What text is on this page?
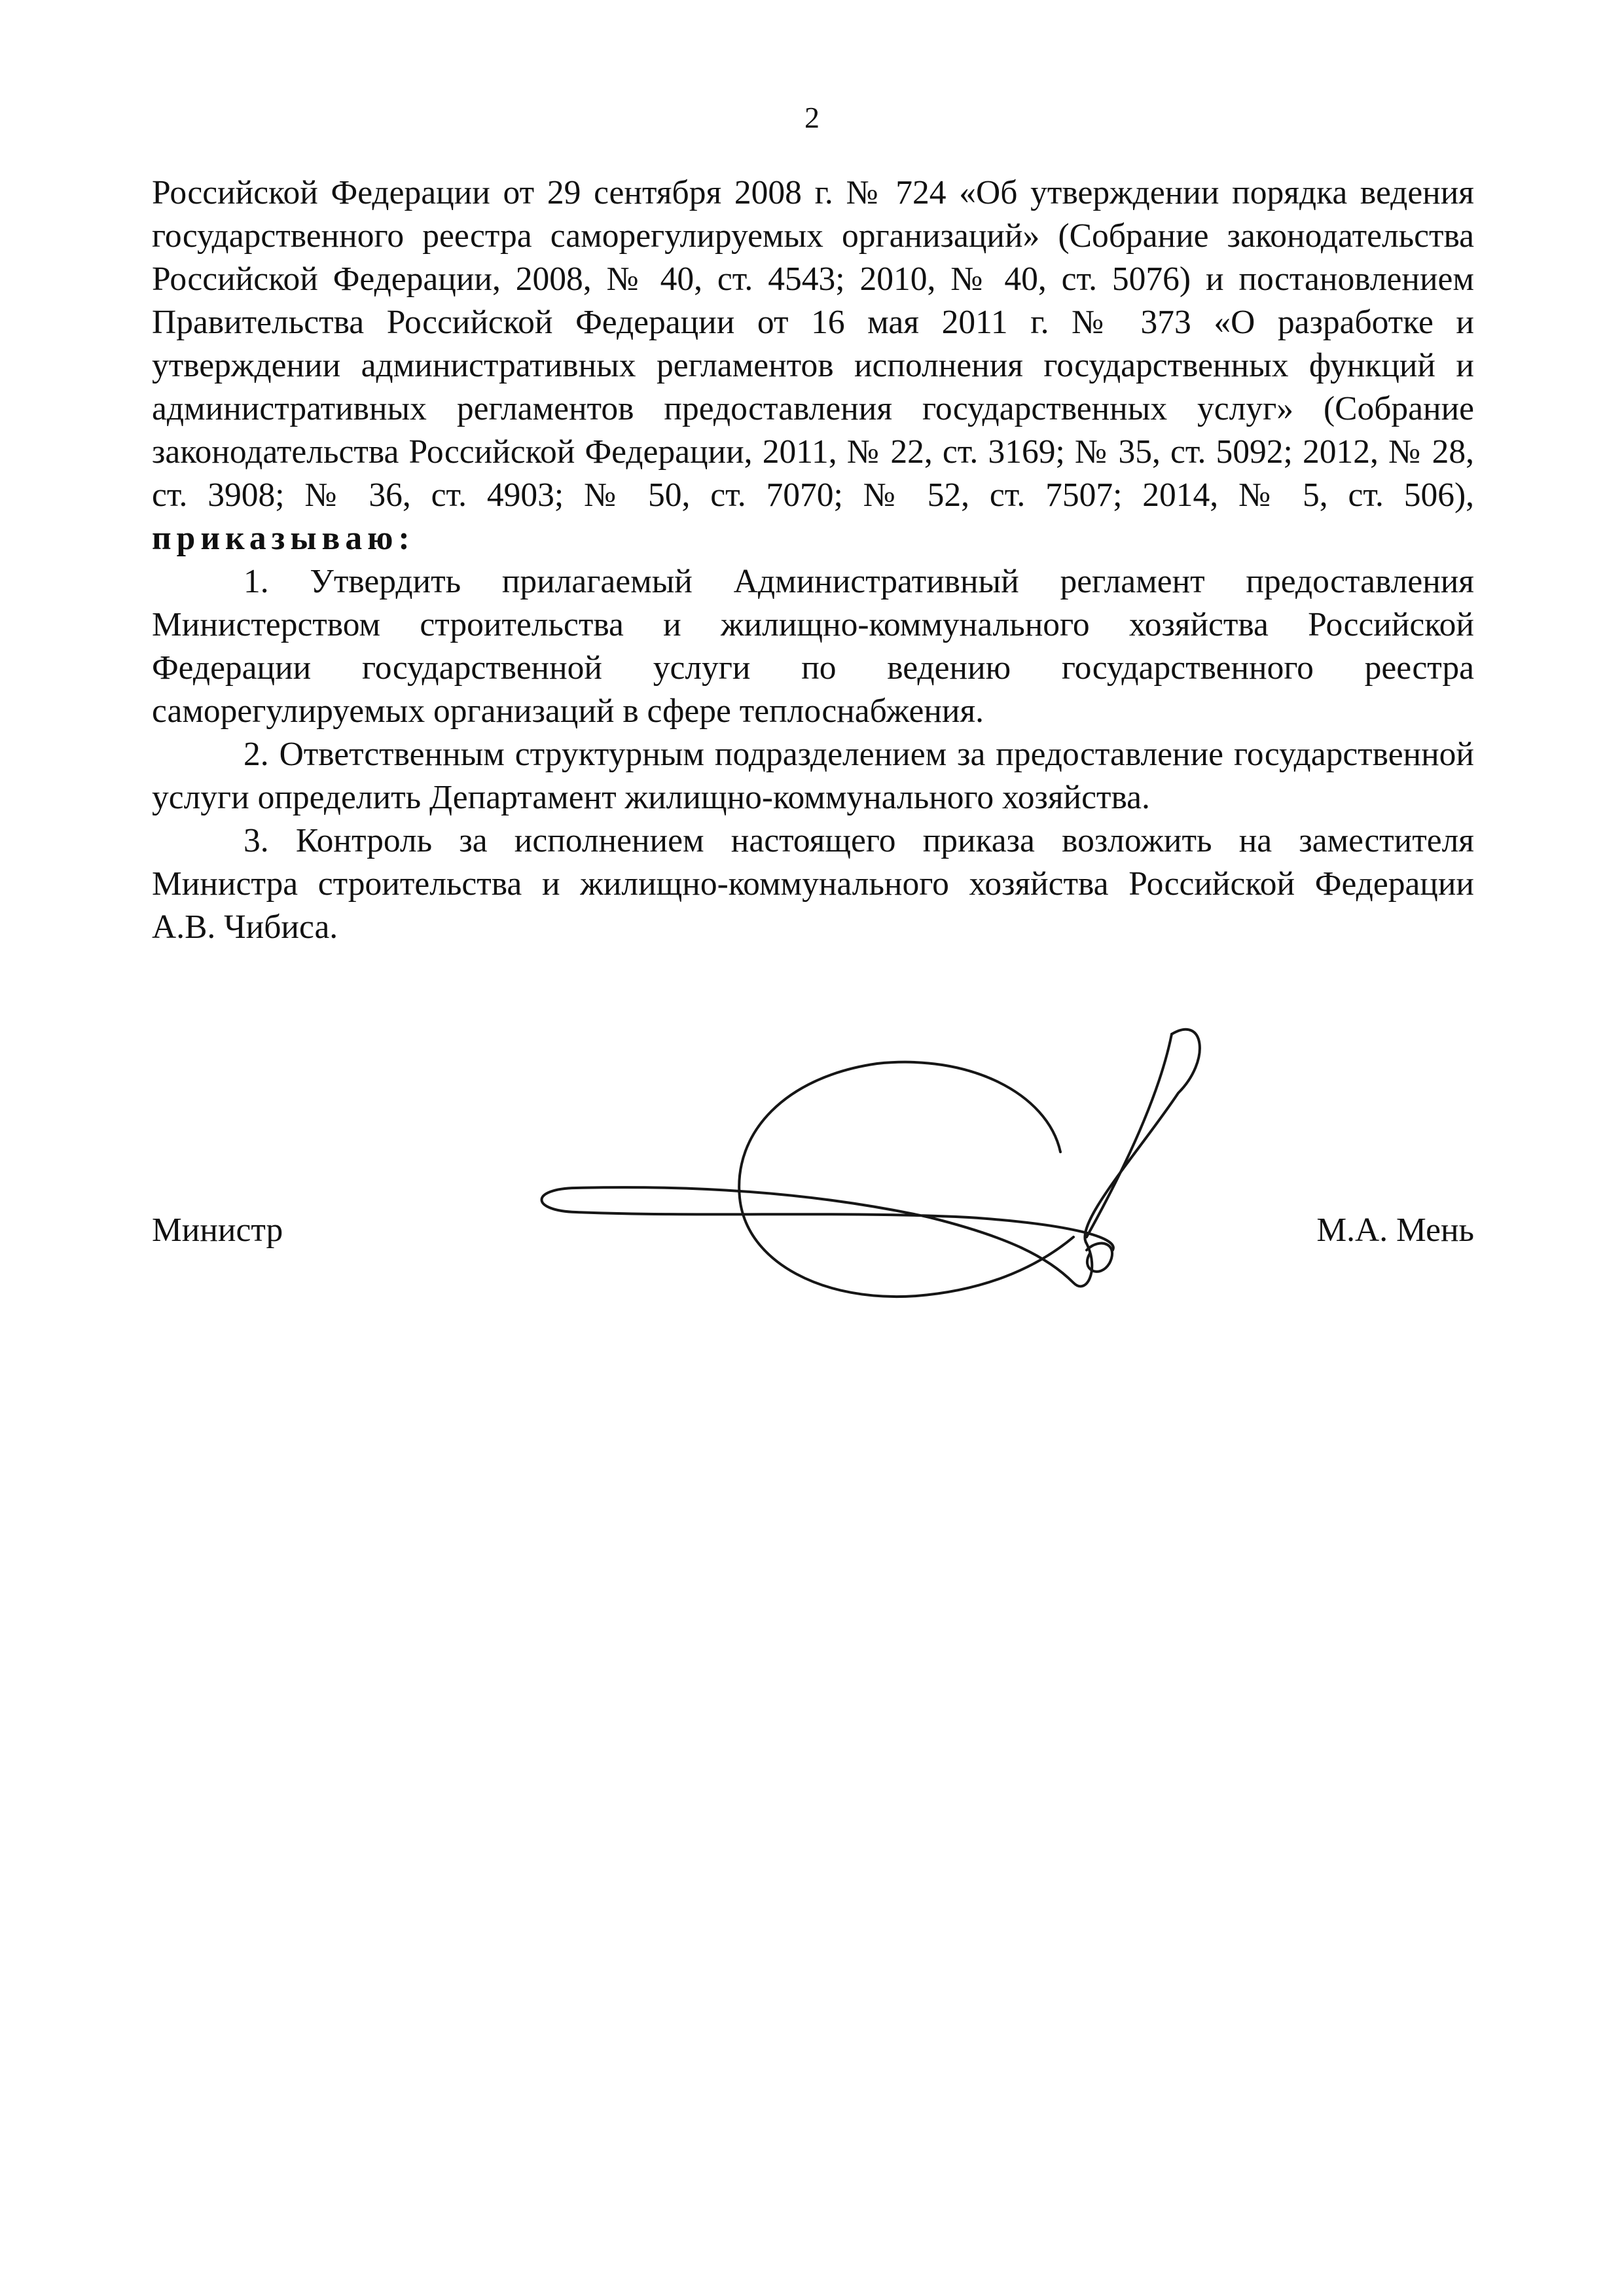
2

Российской Федерации от 29 сентября 2008 г. № 724 «Об утверждении порядка ведения государственного реестра саморегулируемых организаций» (Собрание законодательства Российской Федерации, 2008, № 40, ст. 4543; 2010, № 40, ст. 5076) и постановлением Правительства Российской Федерации от 16 мая 2011 г. № 373 «О разработке и утверждении административных регламентов исполнения государственных функций и административных регламентов предоставления государственных услуг» (Собрание законодательства Российской Федерации, 2011, № 22, ст. 3169; № 35, ст. 5092; 2012, № 28, ст. 3908; № 36, ст. 4903; № 50, ст. 7070; № 52, ст. 7507; 2014, № 5, ст. 506), приказываю:

1. Утвердить прилагаемый Административный регламент предоставления Министерством строительства и жилищно-коммунального хозяйства Российской Федерации государственной услуги по ведению государственного реестра саморегулируемых организаций в сфере теплоснабжения.

2. Ответственным структурным подразделением за предоставление государственной услуги определить Департамент жилищно-коммунального хозяйства.

3. Контроль за исполнением настоящего приказа возложить на заместителя Министра строительства и жилищно-коммунального хозяйства Российской Федерации А.В. Чибиса.

Министр	М.А. Мень
